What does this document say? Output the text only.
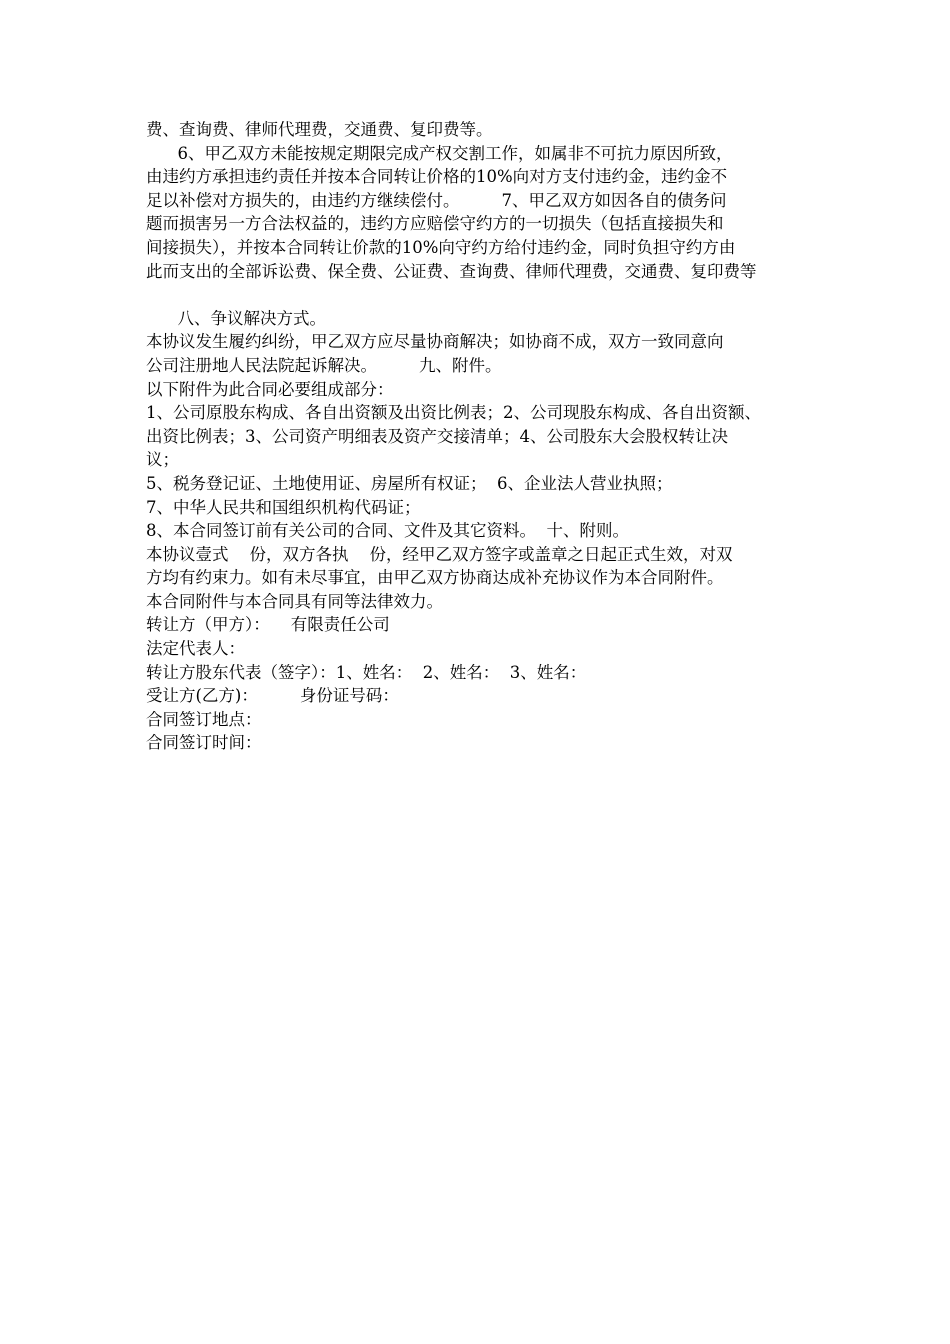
费、查询费、律师代理费，交通费、复印费等。
6、甲乙双方未能按规定期限完成产权交割工作，如属非不可抗力原因所致，
由违约方承担违约责任并按本合同转让价格的10%向对方支付违约金，违约金不
足以补偿对方损失的，由违约方继续偿付。        7、甲乙双方如因各自的债务问
题而损害另一方合法权益的，违约方应赔偿守约方的一切损失（包括直接损失和
间接损失），并按本合同转让价款的10%向守约方给付违约金，同时负担守约方由
此而支出的全部诉讼费、保全费、公证费、查询费、律师代理费，交通费、复印费等
八、争议解决方式。
本协议发生履约纠纷，甲乙双方应尽量协商解决；如协商不成，双方一致同意向
公司注册地人民法院起诉解决。        九、附件。
以下附件为此合同必要组成部分：
1、公司原股东构成、各自出资额及出资比例表；2、公司现股东构成、各自出资额、
出资比例表；3、公司资产明细表及资产交接清单；4、公司股东大会股权转让决
议；
5、税务登记证、土地使用证、房屋所有权证；  6、企业法人营业执照；
7、中华人民共和国组织机构代码证；
8、本合同签订前有关公司的合同、文件及其它资料。  十、附则。
本协议壹式    份，双方各执    份，经甲乙双方签字或盖章之日起正式生效，对双
方均有约束力。如有未尽事宜，由甲乙双方协商达成补充协议作为本合同附件。
本合同附件与本合同具有同等法律效力。
转让方（甲方）：    有限责任公司
法定代表人：
转让方股东代表（签字）：1、姓名：  2、姓名：  3、姓名：
受让方(乙方)：        身份证号码：
合同签订地点：
合同签订时间：
